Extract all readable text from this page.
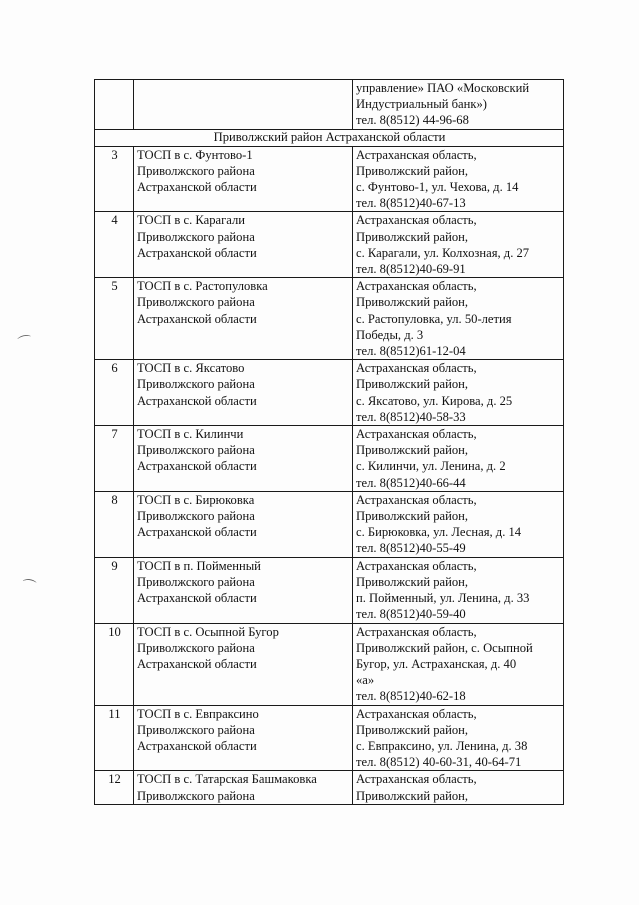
⌒
⌒

		управление» ПАО «Московский
Индустриальный банк»)
тел. 8(8512) 44-96-68

Приволжский район Астраханской области		
3	ТОСП в с. Фунтово-1
Приволжского района
Астраханской области	Астраханская область,
Приволжский район,
с. Фунтово-1, ул. Чехова, д. 14
тел. 8(8512)40-67-13

4	ТОСП в с. Карагали
Приволжского района
Астраханской области	Астраханская область,
Приволжский район,
с. Карагали, ул. Колхозная, д. 27
тел. 8(8512)40-69-91

5	ТОСП в с. Растопуловка
Приволжского района
Астраханской области	Астраханская область,
Приволжский район,
с. Растопуловка, ул. 50-летия
Победы, д. 3
тел. 8(8512)61-12-04

6	ТОСП в с. Яксатово
Приволжского района
Астраханской области	Астраханская область,
Приволжский район,
с. Яксатово, ул. Кирова, д. 25
тел. 8(8512)40-58-33

7	ТОСП в с. Килинчи
Приволжского района
Астраханской области	Астраханская область,
Приволжский район,
с. Килинчи, ул. Ленина, д. 2
тел. 8(8512)40-66-44

8	ТОСП в с. Бирюковка
Приволжского района
Астраханской области	Астраханская область,
Приволжский район,
с. Бирюковка, ул. Лесная, д. 14
тел. 8(8512)40-55-49

9	ТОСП в п. Пойменный
Приволжского района
Астраханской области	Астраханская область,
Приволжский район,
п. Пойменный, ул. Ленина, д. 33
тел. 8(8512)40-59-40

10	ТОСП в с. Осыпной Бугор
Приволжского района
Астраханской области	Астраханская область,
Приволжский район, с. Осыпной
Бугор, ул. Астраханская, д. 40
«а»
тел. 8(8512)40-62-18

11	ТОСП в с. Евпраксино
Приволжского района
Астраханской области	Астраханская область,
Приволжский район,
с. Евпраксино, ул. Ленина, д. 38
тел. 8(8512) 40-60-31, 40-64-71

12	ТОСП в с. Татарская Башмаковка
Приволжского района	Астраханская область,
Приволжский район,
